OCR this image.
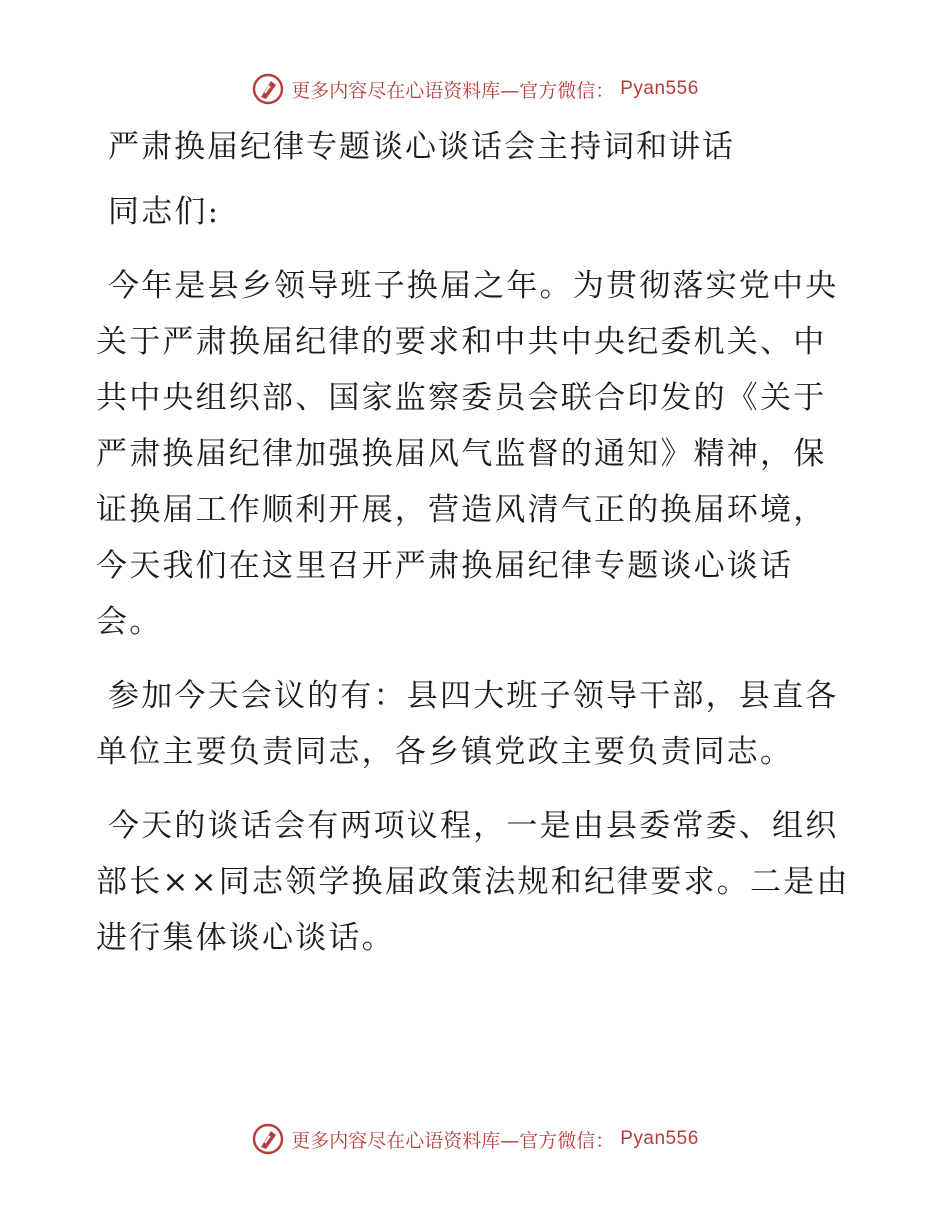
更多内容尽在心语资料库—官方微信： Pyan556
严肃换届纪律专题谈心谈话会主持词和讲话

同志们:

今年是县乡领导班子换届之年。为贯彻落实党中央关于严肃换届纪律的要求和中共中央纪委机关、中共中央组织部、国家监察委员会联合印发的《关于严肃换届纪律加强换届风气监督的通知》精神，保证换届工作顺利开展，营造风清气正的换届环境，今天我们在这里召开严肃换届纪律专题谈心谈话会。

参加今天会议的有：县四大班子领导干部，县直各单位主要负责同志，各乡镇党政主要负责同志。

今天的谈话会有两项议程，一是由县委常委、组织部长××同志领学换届政策法规和纪律要求。二是由进行集体谈心谈话。

更多内容尽在心语资料库—官方微信： Pyan556
